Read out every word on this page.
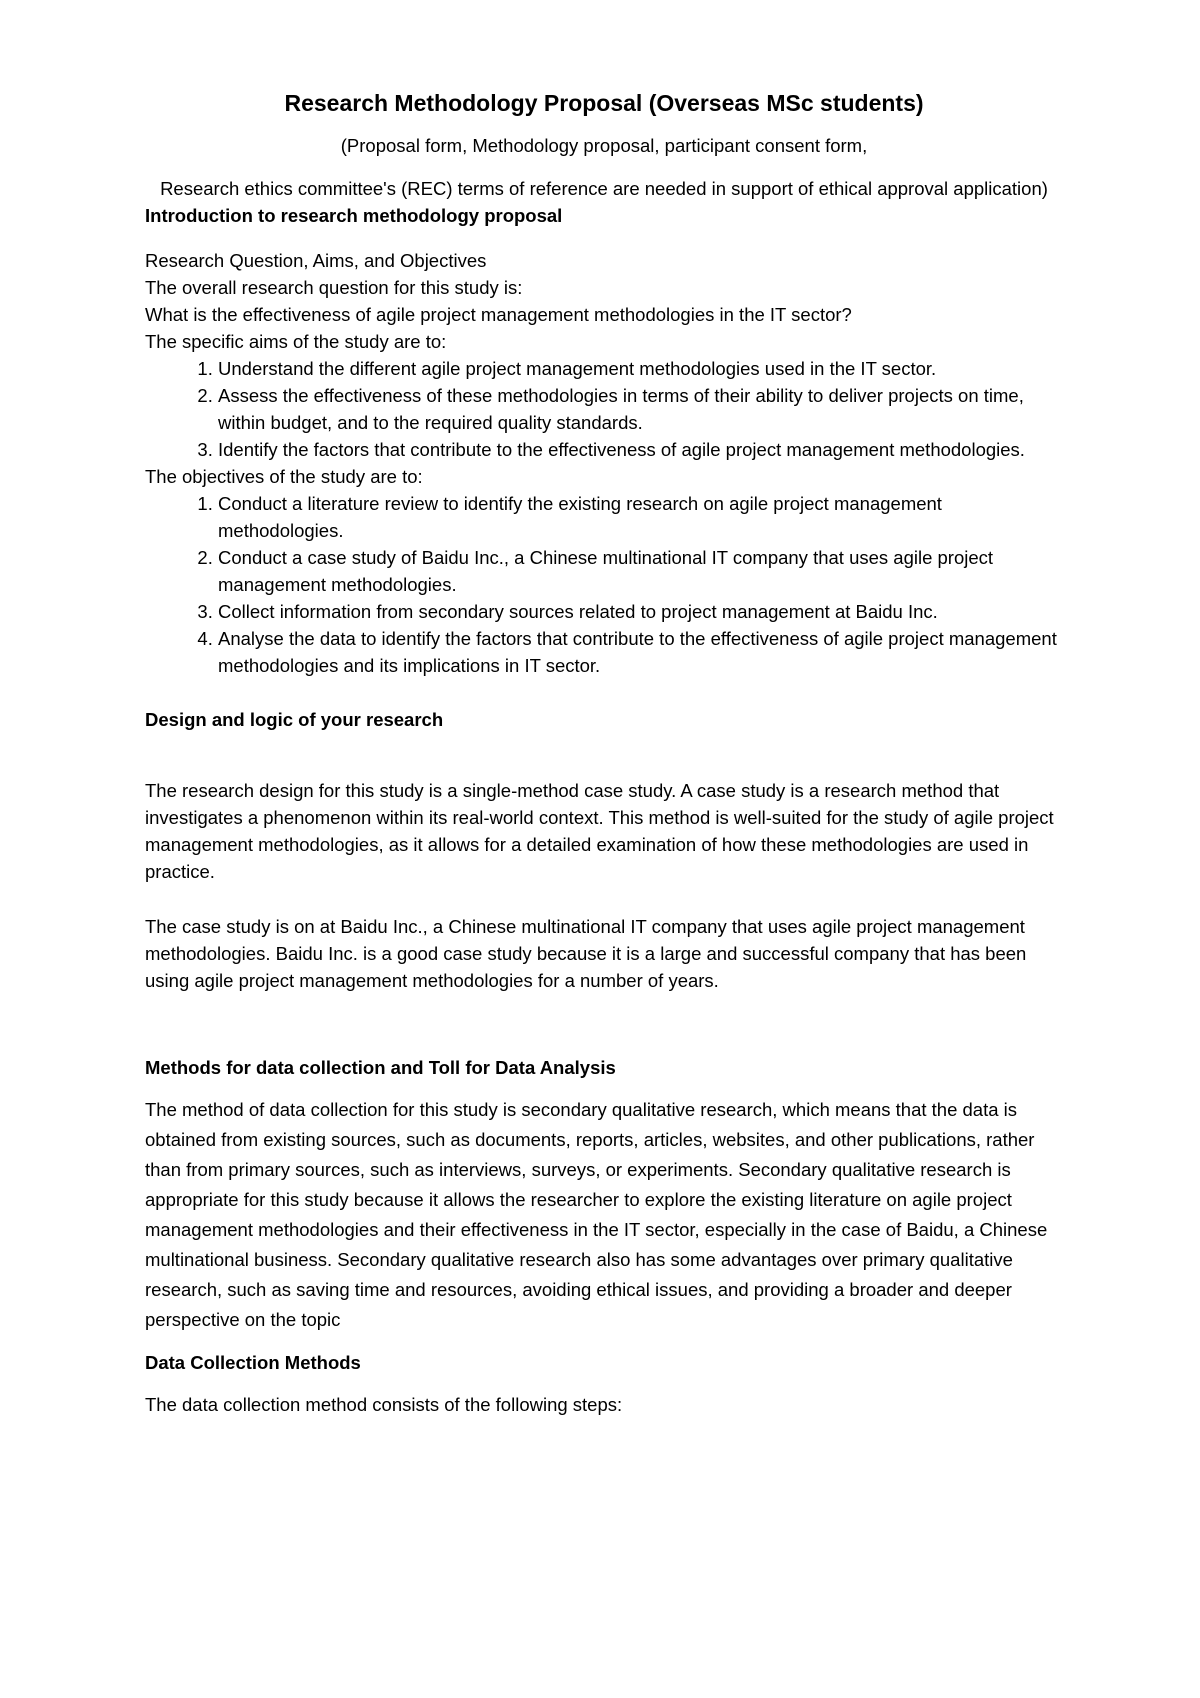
Research Methodology Proposal (Overseas MSc students)

(Proposal form, Methodology proposal, participant consent form,

Research ethics committee's (REC) terms of reference are needed in support of ethical approval application)

Introduction to research methodology proposal

Research Question, Aims, and Objectives

The overall research question for this study is:

What is the effectiveness of agile project management methodologies in the IT sector?

The specific aims of the study are to:

1. Understand the different agile project management methodologies used in the IT sector.
2. Assess the effectiveness of these methodologies in terms of their ability to deliver projects on time, within budget, and to the required quality standards.
3. Identify the factors that contribute to the effectiveness of agile project management methodologies.

The objectives of the study are to:

1. Conduct a literature review to identify the existing research on agile project management methodologies.
2. Conduct a case study of Baidu Inc., a Chinese multinational IT company that uses agile project management methodologies.
3. Collect information from secondary sources related to project management at Baidu Inc.
4. Analyse the data to identify the factors that contribute to the effectiveness of agile project management methodologies and its implications in IT sector.
Design and logic of your research

The research design for this study is a single-method case study. A case study is a research method that investigates a phenomenon within its real-world context. This method is well-suited for the study of agile project management methodologies, as it allows for a detailed examination of how these methodologies are used in practice.

The case study is on at Baidu Inc., a Chinese multinational IT company that uses agile project management methodologies. Baidu Inc. is a good case study because it is a large and successful company that has been using agile project management methodologies for a number of years.

Methods for data collection and Toll for Data Analysis

The method of data collection for this study is secondary qualitative research, which means that the data is obtained from existing sources, such as documents, reports, articles, websites, and other publications, rather than from primary sources, such as interviews, surveys, or experiments. Secondary qualitative research is appropriate for this study because it allows the researcher to explore the existing literature on agile project management methodologies and their effectiveness in the IT sector, especially in the case of Baidu, a Chinese multinational business. Secondary qualitative research also has some advantages over primary qualitative research, such as saving time and resources, avoiding ethical issues, and providing a broader and deeper perspective on the topic

Data Collection Methods

The data collection method consists of the following steps:
